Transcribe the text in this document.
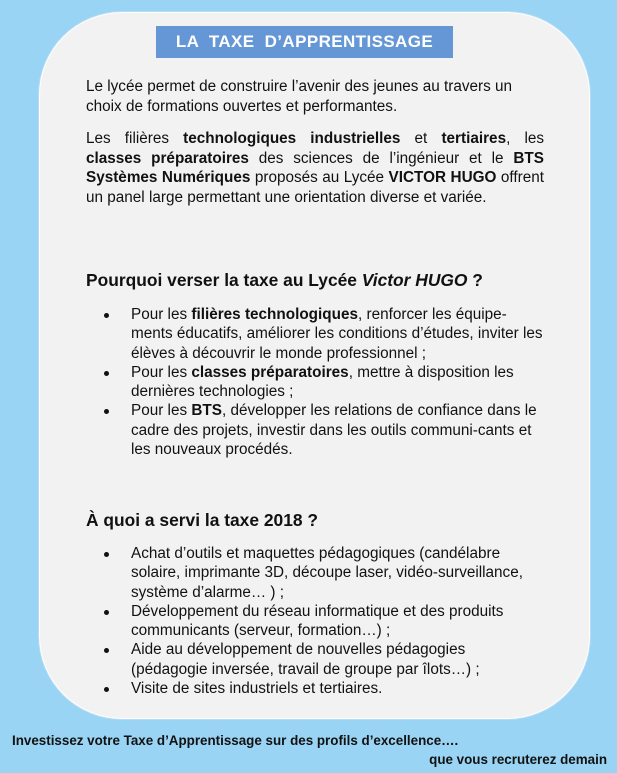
LA TAXE D’APPRENTISSAGE
Le lycée permet de construire l’avenir des jeunes au travers un choix de formations ouvertes et performantes.

Les filières technologiques industrielles et tertiaires, les classes préparatoires des sciences de l’ingénieur et le BTS Systèmes Numériques proposés au Lycée VICTOR HUGO offrent un panel large permettant une orientation diverse et variée.

Pourquoi verser la taxe au Lycée Victor HUGO ?
Pour les filières technologiques, renforcer les équipe-ments éducatifs, améliorer les conditions d’études, inviter les élèves à découvrir le monde professionnel ;
Pour les classes préparatoires, mettre à disposition les dernières technologies ;
Pour les BTS, développer les relations de confiance dans le cadre des projets, investir dans les outils communi-cants et les nouveaux procédés.
À quoi a servi la taxe 2018 ?
Achat d’outils et maquettes pédagogiques (candélabre solaire, imprimante 3D, découpe laser, vidéo-surveillance, système d’alarme… ) ;
Développement du réseau informatique et des produits communicants (serveur, formation…) ;
Aide au développement de nouvelles pédagogies (pédagogie inversée, travail de groupe par îlots…) ;
Visite de sites industriels et tertiaires.
Investissez votre Taxe d’Apprentissage sur des profils d’excellence….
que vous recruterez demain
